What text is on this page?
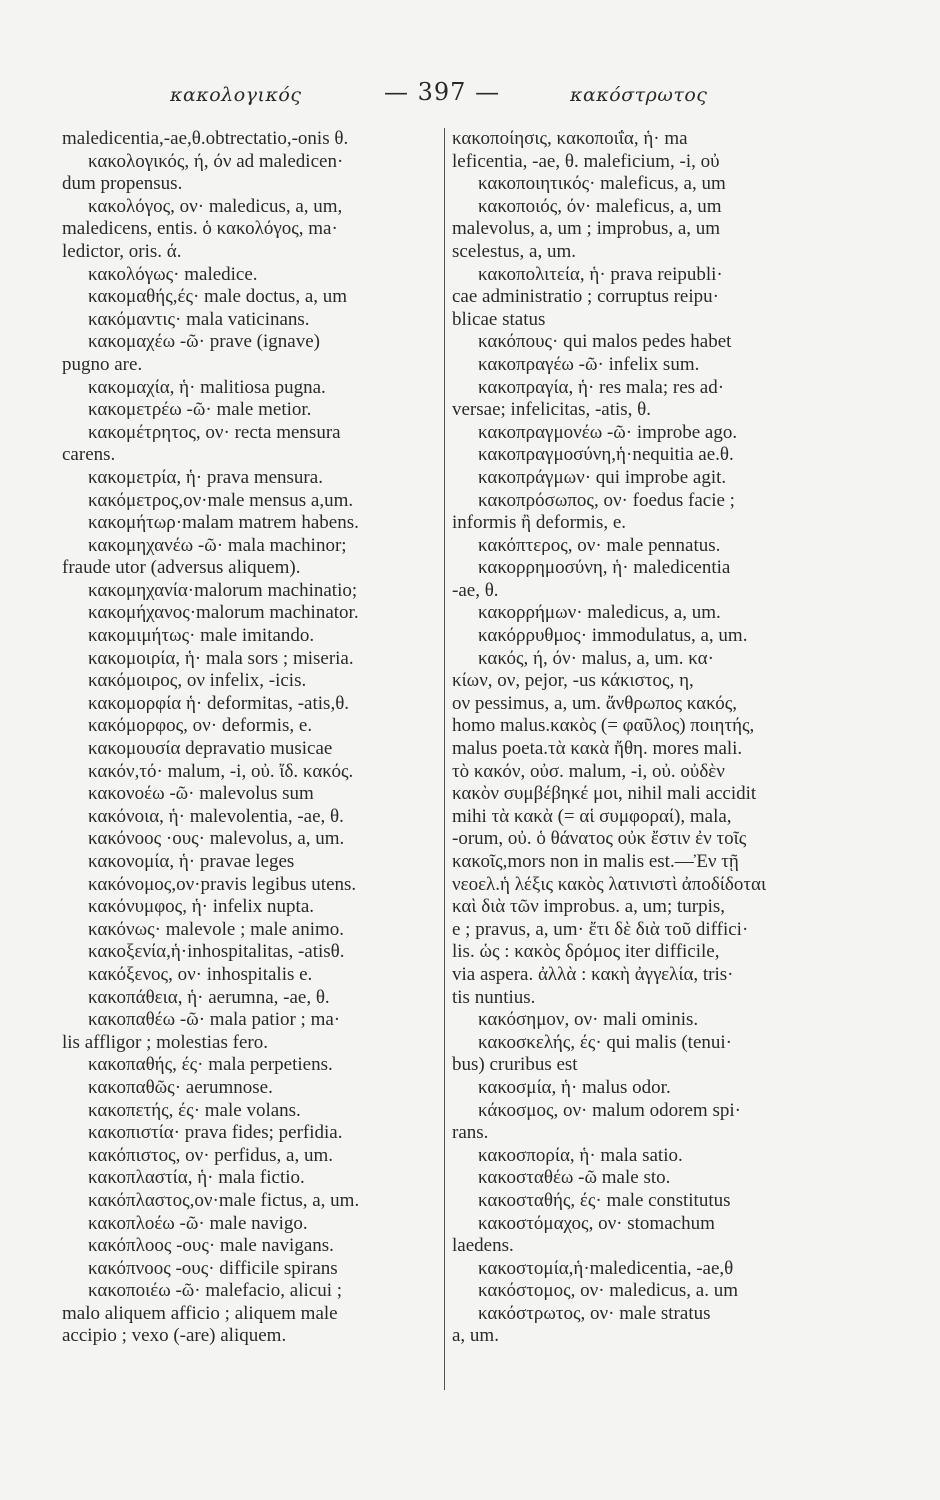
κακολογικός	— 397 —	κακόστρωτος
maledicentia,-ae,θ.obtrectatio,-onis θ.
κακολογικός, ή, όν ad maledicen·
dum propensus.
κακολόγος, ον· maledicus, a, um,
maledicens, entis. ὁ κακολόγος, ma·
ledictor, oris. ά.
κακολόγως· maledice.
κακομαθής,ές· male doctus, a, um
κακόμαντις· mala vaticinans.
κακομαχέω -ῶ· prave (ignave)
pugno are.
κακομαχία, ἡ· malitiosa pugna.
κακομετρέω -ῶ· male metior.
κακομέτρητος, ον· recta mensura
carens.
κακομετρία, ἡ· prava mensura.
κακόμετρος,ον·male mensus a,um.
κακομήτωρ·malam matrem habens.
κακομηχανέω -ῶ· mala machinor;
fraude utor (adversus aliquem).
κακομηχανία·malorum machinatio;
κακομήχανος·malorum machinator.
κακομιμήτως· male imitando.
κακομοιρία, ἡ· mala sors ; miseria.
κακόμοιρος, ον infelix, -icis.
κακομορφία ἡ· deformitas, -atis,θ.
κακόμορφος, ον· deformis, e.
κακομουσία depravatio musicae
κακόν,τό· malum, -i, οὐ. ἴδ. κακός.
κακονοέω -ῶ· malevolus sum
κακόνοια, ἡ· malevolentia, -ae, θ.
κακόνοος ·ους· malevolus, a, um.
κακονομία, ἡ· pravae leges
κακόνομος,ον·pravis legibus utens.
κακόνυμφος, ἡ· infelix nupta.
κακόνως· malevole ; male animo.
κακοξενία,ἡ·inhospitalitas, -atisθ.
κακόξενος, ον· inhospitalis e.
κακοπάθεια, ἡ· aerumna, -ae, θ.
κακοπαθέω -ῶ· mala patior ; ma·
lis affligor ; molestias fero.
κακοπαθής, ές· mala perpetiens.
κακοπαθῶς· aerumnose.
κακοπετής, ές· male volans.
κακοπιστία· prava fides; perfidia.
κακόπιστος, ον· perfidus, a, um.
κακοπλαστία, ἡ· mala fictio.
κακόπλαστος,ον·male fictus, a, um.
κακοπλοέω -ῶ· male navigo.
κακόπλοος -ους· male navigans.
κακόπνοος -ους· difficile spirans
κακοποιέω -ῶ· malefacio, alicui ;
malo aliquem afficio ; aliquem male
accipio ; vexo (-are) aliquem.
κακοποίησις, κακοποιΐα, ἡ· ma
leficentia, -ae, θ. maleficium, -i, οὐ
κακοποιητικός· maleficus, a, um
κακοποιός, όν· maleficus, a, um
malevolus, a, um ; improbus, a, um
scelestus, a, um.
κακοπολιτεία, ἡ· prava reipubli·
cae administratio ; corruptus reipu·
blicae status
κακόπους· qui malos pedes habet
κακοπραγέω -ῶ· infelix sum.
κακοπραγία, ἡ· res mala; res ad·
versae; infelicitas, -atis, θ.
κακοπραγμονέω -ῶ· improbe ago.
κακοπραγμοσύνη,ἡ·nequitia ae.θ.
κακοπράγμων· qui improbe agit.
κακοπρόσωπος, ον· foedus facie ;
informis ἢ deformis, e.
κακόπτερος, ον· male pennatus.
κακορρημοσύνη, ἡ· maledicentia
-ae, θ.
κακορρήμων· maledicus, a, um.
κακόρρυθμος· immodulatus, a, um.
κακός, ή, όν· malus, a, um. κα·
κίων, ον, pejor, -us κάκιστος, η,
ον pessimus, a, um. ἄνθρωπος κακός,
homo malus.κακὸς (= φαῦλος) ποιητής,
malus poeta.τὰ κακὰ ἤθη. mores mali.
τὸ κακόν, οὐσ. malum, -i, οὐ. οὐδὲν
κακὸν συμβέβηκέ μοι, nihil mali accidit
mihi τὰ κακὰ (= αἱ συμφοραί), mala,
-orum, οὐ. ὁ θάνατος οὐκ ἔστιν ἐν τοῖς
κακοῖς,mors non in malis est.—Ἐν τῇ
νεοελ.ἡ λέξις κακὸς λατινιστὶ ἀποδίδοται
καὶ διὰ τῶν improbus. a, um; turpis,
e ; pravus, a, um· ἔτι δὲ διὰ τοῦ diffici·
lis. ὡς : κακὸς δρόμος iter difficile,
via aspera. ἀλλὰ : κακὴ ἀγγελία, tris·
tis nuntius.
κακόσημον, ον· mali ominis.
κακοσκελής, ές· qui malis (tenui·
bus) cruribus est
κακοσμία, ἡ· malus odor.
κάκοσμος, ον· malum odorem spi·
rans.
κακοσπορία, ἡ· mala satio.
κακοσταθέω -ῶ male sto.
κακοσταθής, ές· male constitutus
κακοστόμαχος, ον· stomachum
laedens.
κακοστομία,ἡ·maledicentia, -ae,θ
κακόστομος, ον· maledicus, a. um
κακόστρωτος, ον· male stratus
a, um.
